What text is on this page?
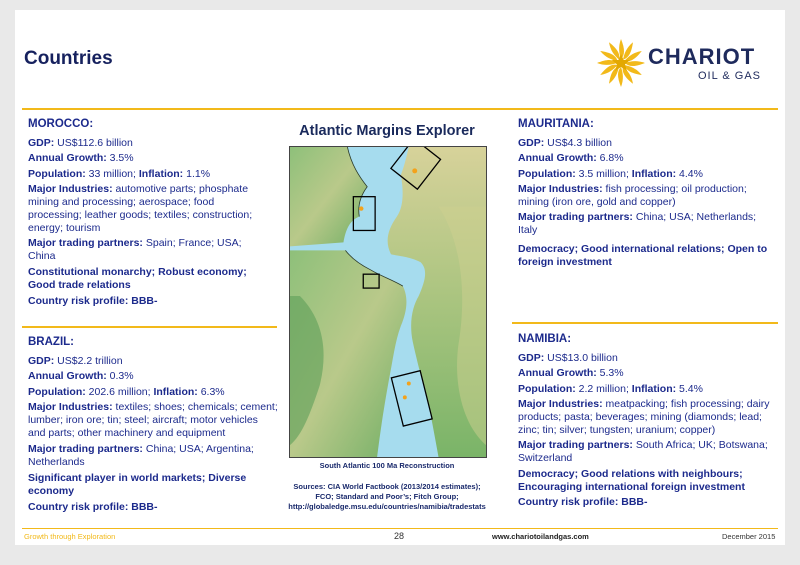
Countries	CHARIOT
OIL & GAS
MOROCCO:

GDP: US$112.6 billion

Annual Growth: 3.5%

Population: 33 million; Inflation: 1.1%

Major Industries: automotive parts; phosphate mining and processing; aerospace; food processing; leather goods; textiles; construction; energy; tourism

Major trading partners: Spain; France; USA; China

Constitutional monarchy; Robust economy; Good trade relations

Country risk profile: BBB-

BRAZIL:

GDP: US$2.2 trillion

Annual Growth: 0.3%

Population: 202.6 million; Inflation: 6.3%

Major Industries: textiles; shoes; chemicals; cement; lumber; iron ore; tin; steel; aircraft; motor vehicles and parts; other machinery and equipment

Major trading partners: China; USA; Argentina; Netherlands

Significant player in world markets; Diverse economy

Country risk profile: BBB-

Atlantic Margins Explorer
South Atlantic 100 Ma Reconstruction
Sources: CIA World Factbook (2013/2014 estimates);
FCO; Standard and Poor’s; Fitch Group;
http://globaledge.msu.edu/countries/namibia/tradestats
MAURITANIA:

GDP: US$4.3 billion

Annual Growth: 6.8%

Population: 3.5 million; Inflation: 4.4%

Major Industries: fish processing; oil production; mining (iron ore, gold and copper)

Major trading partners: China; USA; Netherlands; Italy

Democracy; Good international relations; Open to foreign investment

NAMIBIA:

GDP: US$13.0 billion

Annual Growth: 5.3%

Population: 2.2 million; Inflation: 5.4%

Major Industries: meatpacking; fish processing; dairy products; pasta; beverages; mining (diamonds; lead; zinc; tin; silver; tungsten; uranium; copper)

Major trading partners: South Africa; UK; Botswana; Switzerland

Democracy; Good relations with neighbours; Encouraging international foreign investment

Country risk profile: BBB-

Growth through Exploration	28	www.chariotoilandgas.com	December 2015
